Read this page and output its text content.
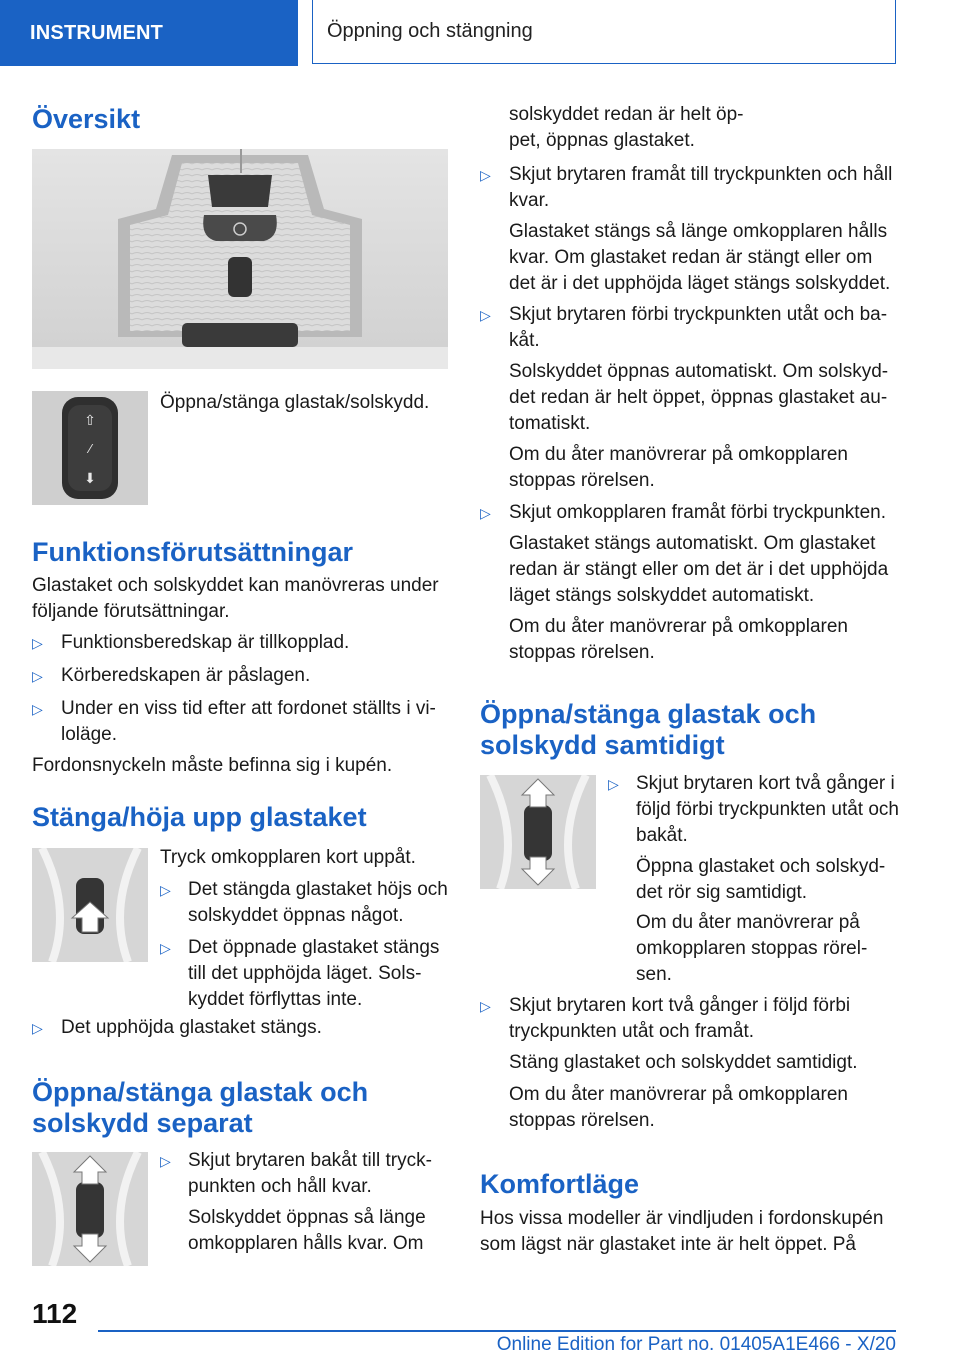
INSTRUMENT	Öppning och stängning
Översikt
⇧
⁄
⬇
Öppna/stänga glastak/solskydd.
Funktionsförutsättningar
Glastaket och solskyddet kan manövreras under följande förutsättningar.
▷ Funktionsberedskap är tillkopplad.
▷ Körberedskapen är påslagen.
▷ Under en viss tid efter att fordonet ställts i vi-loläge.
Fordonsnyckeln måste befinna sig i kupén.
Stänga/höja upp glastaket
Tryck omkopplaren kort uppåt.
▷ Det stängda glastaket höjs och solskyddet öppnas något.
▷ Det öppnade glastaket stängs till det upphöjda läget. Sols-kyddet förflyttas inte.
▷ Det upphöjda glastaket stängs.
Öppna/stänga glastak och solskydd separat
▷ Skjut brytaren bakåt till tryck-punkten och håll kvar.
Solskyddet öppnas så länge omkopplaren hålls kvar. Om
solskyddet redan är helt öp-pet, öppnas glastaket.
▷ Skjut brytaren framåt till tryckpunkten och håll kvar.
Glastaket stängs så länge omkopplaren hålls kvar. Om glastaket redan är stängt eller om det är i det upphöjda läget stängs solskyddet.
▷ Skjut brytaren förbi tryckpunkten utåt och ba-kåt.
Solskyddet öppnas automatiskt. Om solskyd-det redan är helt öppet, öppnas glastaket au-tomatiskt.
Om du åter manövrerar på omkopplaren stoppas rörelsen.
▷ Skjut omkopplaren framåt förbi tryckpunkten.
Glastaket stängs automatiskt. Om glastaket redan är stängt eller om det är i det upphöjda läget stängs solskyddet automatiskt.
Om du åter manövrerar på omkopplaren stoppas rörelsen.
Öppna/stänga glastak och solskydd samtidigt
▷ Skjut brytaren kort två gånger i följd förbi tryckpunkten utåt och bakåt.
Öppna glastaket och solskyd-det rör sig samtidigt.
Om du åter manövrerar på omkopplaren stoppas rörel-sen.
▷ Skjut brytaren kort två gånger i följd förbi tryckpunkten utåt och framåt.
Stäng glastaket och solskyddet samtidigt.
Om du åter manövrerar på omkopplaren stoppas rörelsen.
Komfortläge
Hos vissa modeller är vindljuden i fordonskupén som lägst när glastaket inte är helt öppet. På
112
Online Edition for Part no. 01405A1E466 - X/20
